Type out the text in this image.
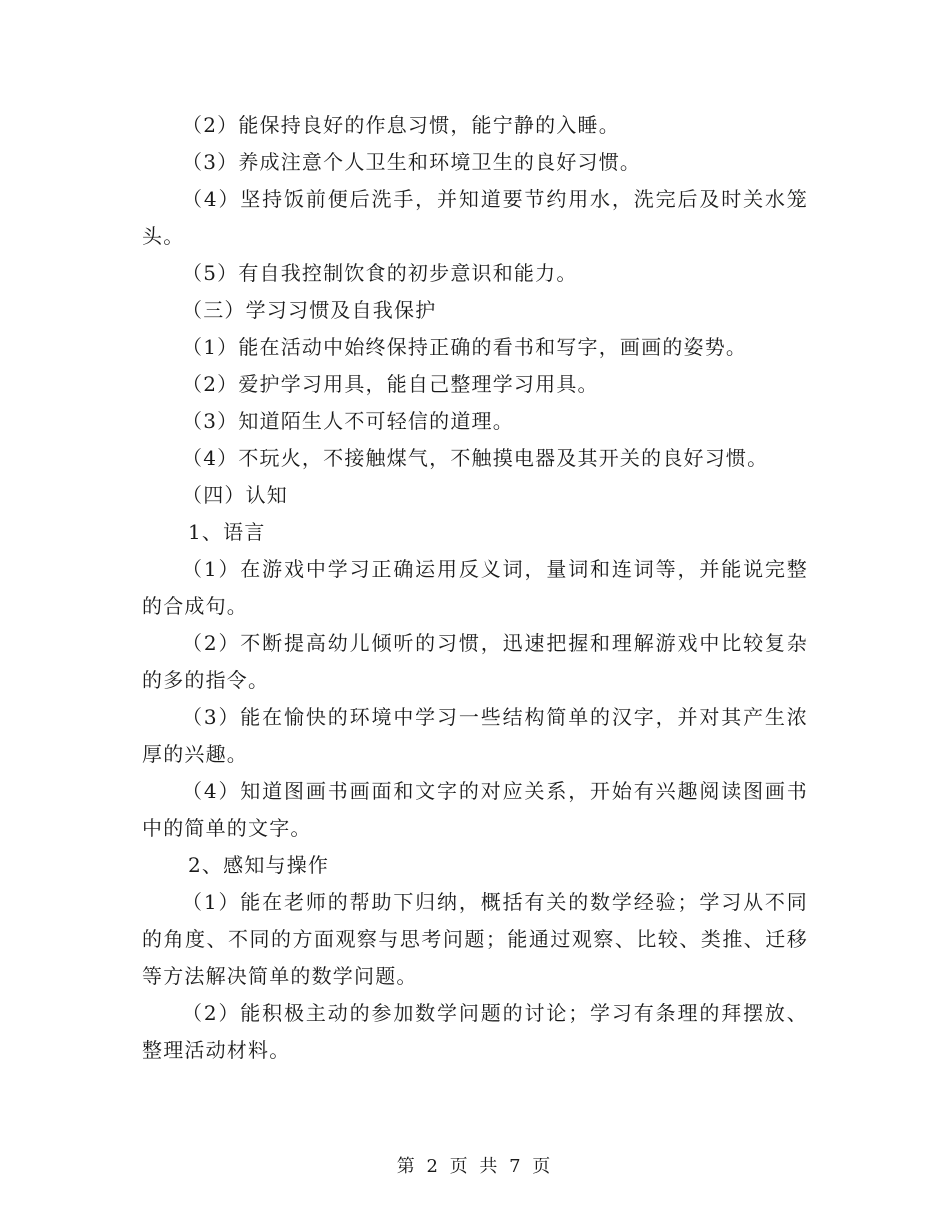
（2）能保持良好的作息习惯，能宁静的入睡。

（3）养成注意个人卫生和环境卫生的良好习惯。

（4）坚持饭前便后洗手，并知道要节约用水，洗完后及时关水笼头。

（5）有自我控制饮食的初步意识和能力。

（三）学习习惯及自我保护

（1）能在活动中始终保持正确的看书和写字，画画的姿势。

（2）爱护学习用具，能自己整理学习用具。

（3）知道陌生人不可轻信的道理。

（4）不玩火，不接触煤气，不触摸电器及其开关的良好习惯。

（四）认知

1、语言

（1）在游戏中学习正确运用反义词，量词和连词等，并能说完整的合成句。

（2）不断提高幼儿倾听的习惯，迅速把握和理解游戏中比较复杂的多的指令。

（3）能在愉快的环境中学习一些结构简单的汉字，并对其产生浓厚的兴趣。

（4）知道图画书画面和文字的对应关系，开始有兴趣阅读图画书中的简单的文字。

2、感知与操作

（1）能在老师的帮助下归纳，概括有关的数学经验；学习从不同的角度、不同的方面观察与思考问题；能通过观察、比较、类推、迁移等方法解决简单的数学问题。

（2）能积极主动的参加数学问题的讨论；学习有条理的拜摆放、整理活动材料。

第 2 页 共 7 页
